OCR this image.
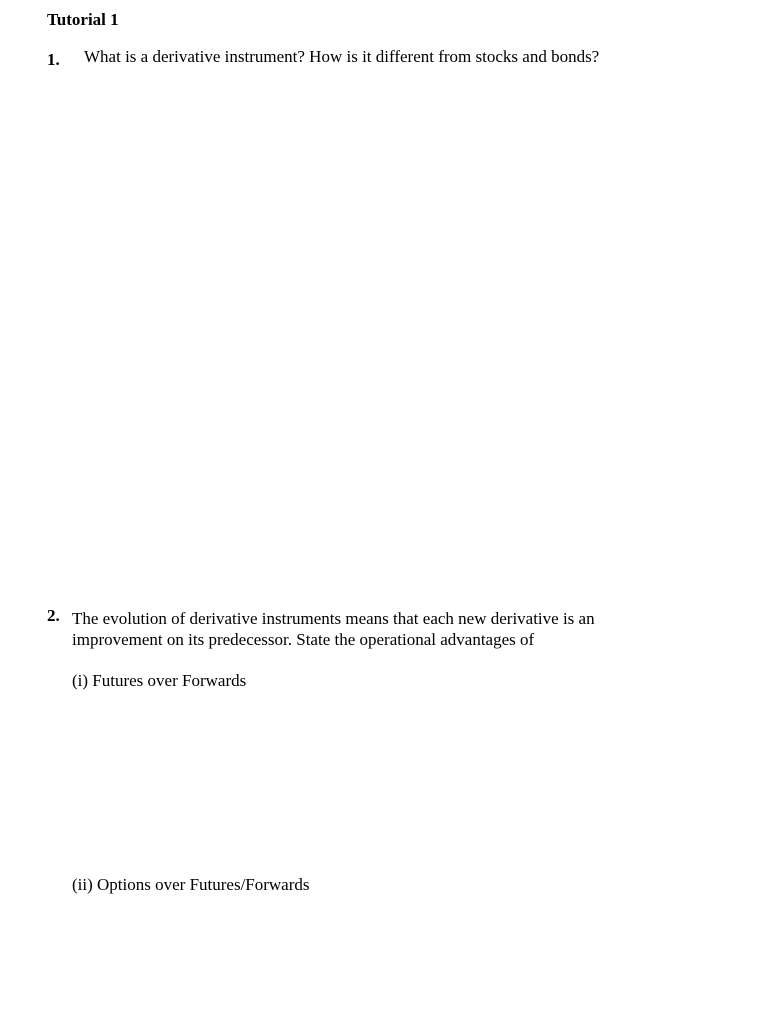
Tutorial 1
1. What is a derivative instrument? How is it different from stocks and bonds?
2. The evolution of derivative instruments means that each new derivative is an improvement on its predecessor. State the operational advantages of
(i) Futures over Forwards
(ii) Options over Futures/Forwards
